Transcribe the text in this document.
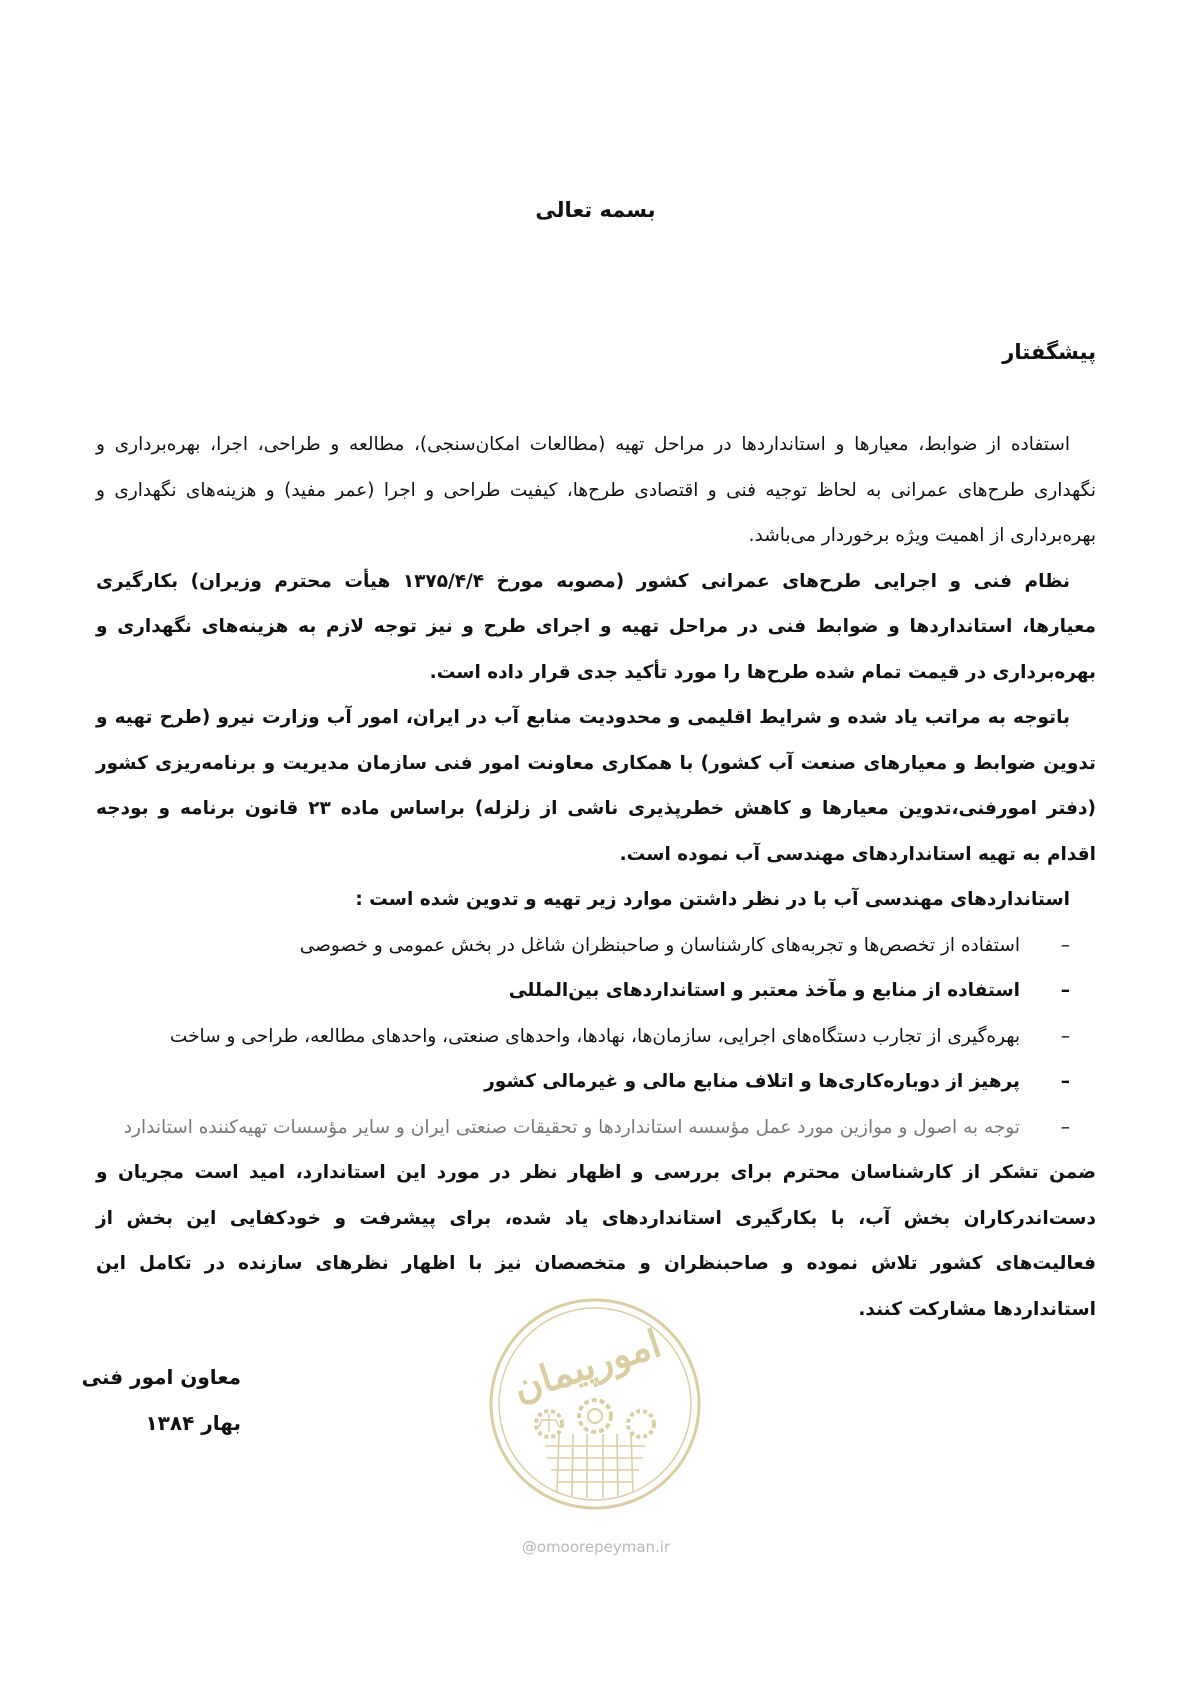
بسمه تعالی
پیشگفتار

استفاده از ضوابط، معیارها و استانداردها در مراحل تهیه (مطالعات امکان‌سنجی)، مطالعه و طراحی، اجرا، بهره‌برداری و نگهداری طرح‌های عمرانی به لحاظ توجیه فنی و اقتصادی طرح‌ها، کیفیت طراحی و اجرا (عمر مفید) و هزینه‌های نگهداری و بهره‌برداری از اهمیت ویژه برخوردار می‌باشد.

نظام فنی و اجرایی طرح‌های عمرانی کشور (مصوبه مورخ ۱۳۷۵/۴/۴ هیأت محترم وزیران) بکارگیری معیارها، استانداردها و ضوابط فنی در مراحل تهیه و اجرای طرح و نیز توجه لازم به هزینه‌های نگهداری و بهره‌برداری در قیمت تمام شده طرح‌ها را مورد تأکید جدی قرار داده است.

باتوجه به مراتب یاد شده و شرایط اقلیمی و محدودیت منابع آب در ایران، امور آب وزارت نیرو (طرح تهیه و تدوین ضوابط و معیارهای صنعت آب کشور) با همکاری معاونت امور فنی سازمان مدیریت و برنامه‌ریزی کشور (دفتر امورفنی،تدوین معیارها و کاهش خطرپذیری ناشی از زلزله) براساس ماده ۲۳ قانون برنامه و بودجه اقدام به تهیه استانداردهای مهندسی آب نموده است.

استانداردهای مهندسی آب با در نظر داشتن موارد زیر تهیه و تدوین شده است :

–
استفاده از تخصص‌ها و تجربه‌های کارشناسان و صاحبنظران شاغل در بخش عمومی و خصوصی
–
استفاده از منابع و مآخذ معتبر و استانداردهای بین‌المللی
–
بهره‌گیری از تجارب دستگاه‌های اجرایی، سازمان‌ها، نهادها، واحدهای صنعتی، واحدهای مطالعه، طراحی و ساخت
–
پرهیز از دوباره‌کاری‌ها و اتلاف منابع مالی و غیرمالی کشور
–
توجه به اصول و موازین مورد عمل مؤسسه استانداردها و تحقیقات صنعتی ایران و سایر مؤسسات تهیه‌کننده استاندارد

ضمن تشکر از کارشناسان محترم برای بررسی و اظهار نظر در مورد این استاندارد، امید است مجریان و دست‌اندرکاران بخش آب، با بکارگیری استانداردهای یاد شده، برای پیشرفت و خودکفایی این بخش از فعالیت‌های کشور تلاش نموده و صاحبنظران و متخصصان نیز با اظهار نظرهای سازنده در تکامل این استانداردها مشارکت کنند.

معاون امور فنی
بهار ۱۳۸۴
امورپیمان
@omoorepeyman.ir
